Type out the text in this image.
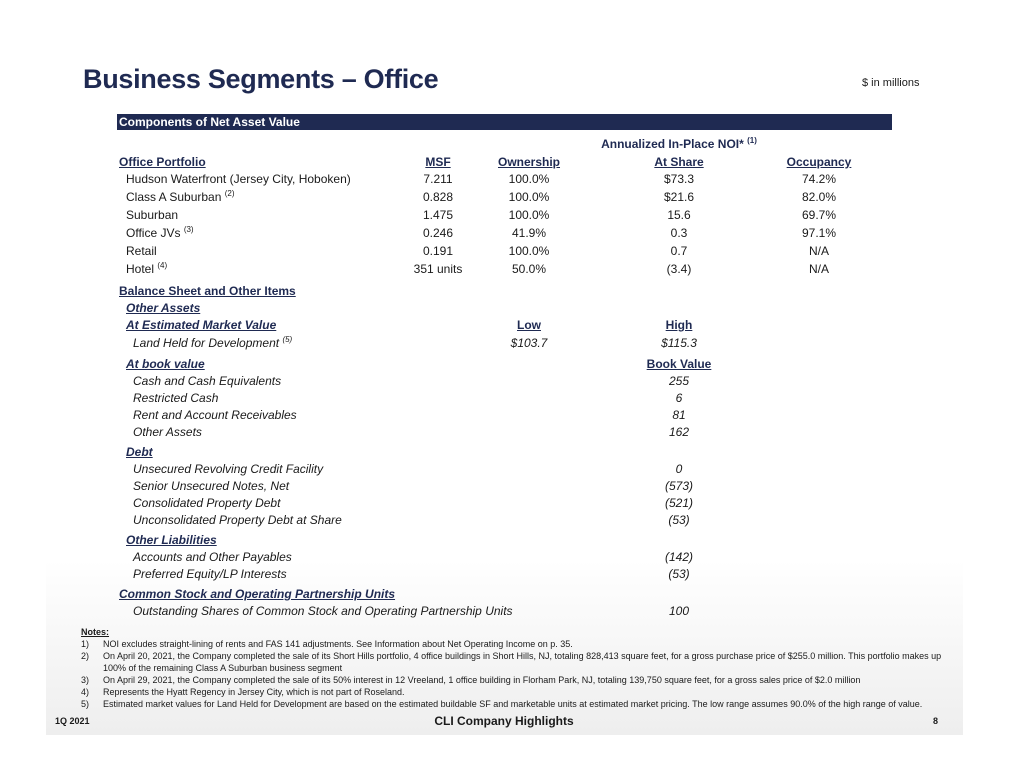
Business Segments – Office	$ in millions
Components of Net Asset Value
Annualized In-Place NOI* $^{(1)}$
Office Portfolio	MSF	Ownership	At Share	Occupancy
Hudson Waterfront (Jersey City, Hoboken)	7.211	100.0%	$73.3	74.2%
Class A Suburban $^{(2)}$	0.828	100.0%	$21.6	82.0%
Suburban	1.475	100.0%	15.6	69.7%
Office JVs $^{(3)}$	0.246	41.9%	0.3	97.1%
Retail	0.191	100.0%	0.7	N/A
Hotel $^{(4)}$	351 units	50.0%	(3.4)	N/A
Balance Sheet and Other Items
Other Assets
At Estimated Market Value	Low	High
Land Held for Development $^{(5)}$	$103.7	$115.3
At book value	Book Value
Cash and Cash Equivalents	255
Restricted Cash	6
Rent and Account Receivables	81
Other Assets	162
Debt
Unsecured Revolving Credit Facility	0
Senior Unsecured Notes, Net	(573)
Consolidated Property Debt	(521)
Unconsolidated Property Debt at Share	(53)
Other Liabilities
Accounts and Other Payables	(142)
Preferred Equity/LP Interests	(53)
Common Stock and Operating Partnership Units
Outstanding Shares of Common Stock and Operating Partnership Units	100
Notes:
1)	NOI excludes straight-lining of rents and FAS 141 adjustments. See Information about Net Operating Income on p. 35.
2)	On April 20, 2021, the Company completed the sale of its Short Hills portfolio, 4 office buildings in Short Hills, NJ, totaling 828,413 square feet, for a gross purchase price of $255.0 million. This portfolio makes up 100% of the remaining Class A Suburban business segment
3)	On April 29, 2021, the Company completed the sale of its 50% interest in 12 Vreeland, 1 office building in Florham Park, NJ, totaling 139,750 square feet, for a gross sales price of $2.0 million
4)	Represents the Hyatt Regency in Jersey City, which is not part of Roseland.
5)	Estimated market values for Land Held for Development are based on the estimated buildable SF and marketable units at estimated market pricing. The low range assumes 90.0% of the high range of value.
1Q 2021	CLI Company Highlights	8
